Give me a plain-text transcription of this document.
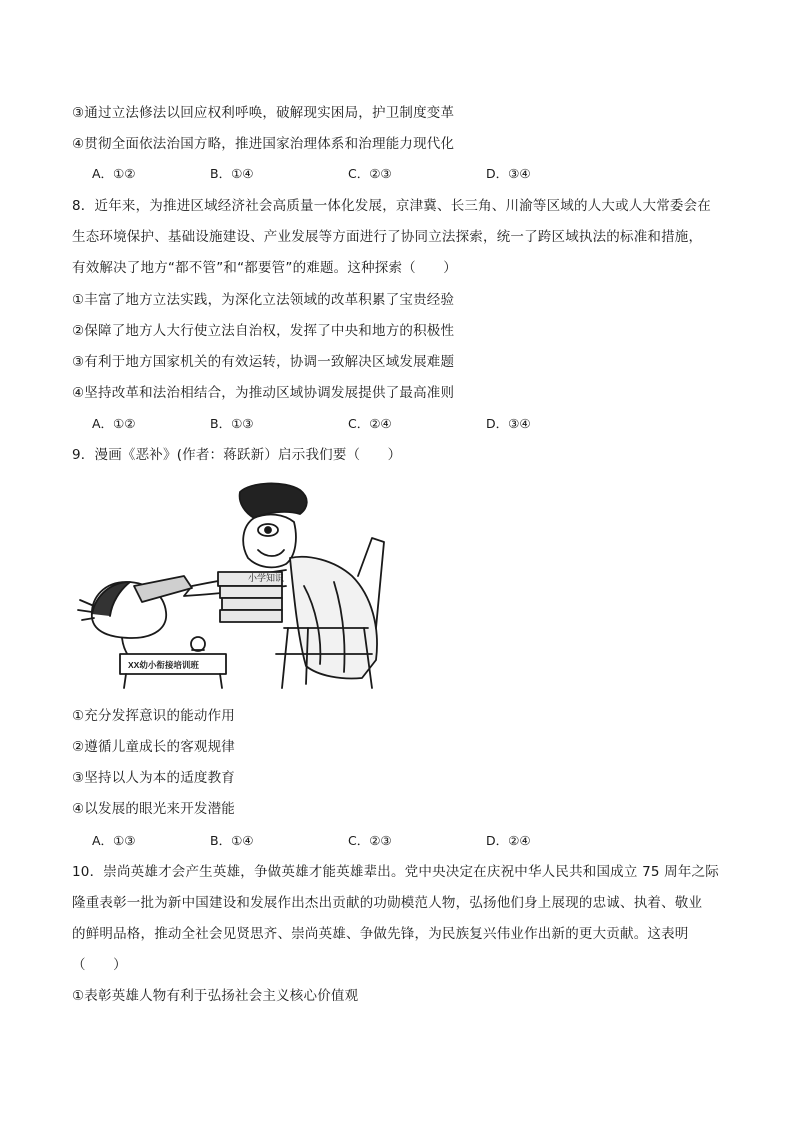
③通过立法修法以回应权利呼唤，破解现实困局，护卫制度变革
④贯彻全面依法治国方略，推进国家治理体系和治理能力现代化
A．①②	B．①④	C．②③	D．③④
8．近年来，为推进区域经济社会高质量一体化发展，京津冀、长三角、川渝等区域的人大或人大常委会在
生态环境保护、基础设施建设、产业发展等方面进行了协同立法探索，统一了跨区域执法的标准和措施，
有效解决了地方“都不管”和“都要管”的难题。这种探索（　　）
①丰富了地方立法实践，为深化立法领域的改革积累了宝贵经验
②保障了地方人大行使立法自治权，发挥了中央和地方的积极性
③有利于地方国家机关的有效运转，协调一致解决区域发展难题
④坚持改革和法治相结合，为推动区域协调发展提供了最高准则
A．①②	B．①③	C．②④	D．③④
9．漫画《恶补》(作者：蒋跃新）启示我们要（　　）
小学知识
XX幼小衔接培训班
①充分发挥意识的能动作用
②遵循儿童成长的客观规律
③坚持以人为本的适度教育
④以发展的眼光来开发潜能
A．①③	B．①④	C．②③	D．②④
10．崇尚英雄才会产生英雄，争做英雄才能英雄辈出。党中央决定在庆祝中华人民共和国成立 75 周年之际
隆重表彰一批为新中国建设和发展作出杰出贡献的功勋模范人物，弘扬他们身上展现的忠诚、执着、敬业
的鲜明品格，推动全社会见贤思齐、崇尚英雄、争做先锋，为民族复兴伟业作出新的更大贡献。这表明
（　　）
①表彰英雄人物有利于弘扬社会主义核心价值观
